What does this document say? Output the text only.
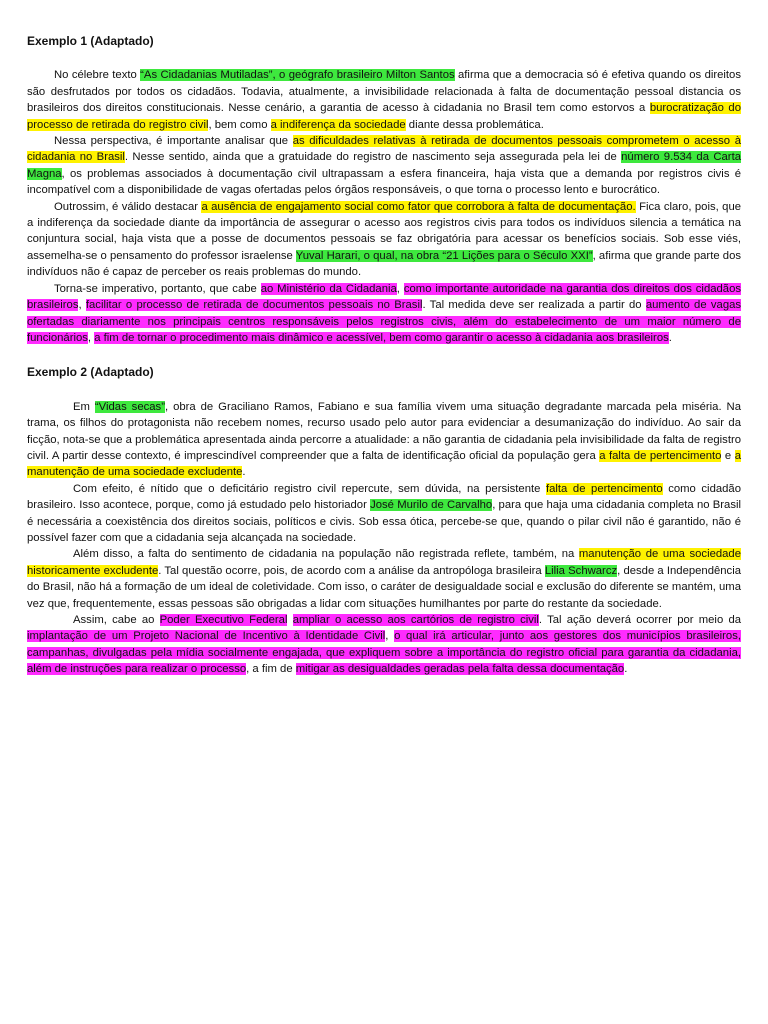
Exemplo 1 (Adaptado)

No célebre texto “As Cidadanias Mutiladas”, o geógrafo brasileiro Milton Santos afirma que a democracia só é efetiva quando os direitos são desfrutados por todos os cidadãos. Todavia, atualmente, a invisibilidade relacionada à falta de documentação pessoal distancia os brasileiros dos direitos constitucionais. Nesse cenário, a garantia de acesso à cidadania no Brasil tem como estorvos a burocratização do processo de retirada do registro civil, bem como a indiferença da sociedade diante dessa problemática.

Nessa perspectiva, é importante analisar que as dificuldades relativas à retirada de documentos pessoais comprometem o acesso à cidadania no Brasil. Nesse sentido, ainda que a gratuidade do registro de nascimento seja assegurada pela lei de número 9.534 da Carta Magna, os problemas associados à documentação civil ultrapassam a esfera financeira, haja vista que a demanda por registros civis é incompatível com a disponibilidade de vagas ofertadas pelos órgãos responsáveis, o que torna o processo lento e burocrático.

Outrossim, é válido destacar a ausência de engajamento social como fator que corrobora à falta de documentação. Fica claro, pois, que a indiferença da sociedade diante da importância de assegurar o acesso aos registros civis para todos os indivíduos silencia a temática na conjuntura social, haja vista que a posse de documentos pessoais se faz obrigatória para acessar os benefícios sociais. Sob esse viés, assemelha-se o pensamento do professor israelense Yuval Harari, o qual, na obra “21 Lições para o Século XXI”, afirma que grande parte dos indivíduos não é capaz de perceber os reais problemas do mundo.

Torna-se imperativo, portanto, que cabe ao Ministério da Cidadania, como importante autoridade na garantia dos direitos dos cidadãos brasileiros, facilitar o processo de retirada de documentos pessoais no Brasil. Tal medida deve ser realizada a partir do aumento de vagas ofertadas diariamente nos principais centros responsáveis pelos registros civis, além do estabelecimento de um maior número de funcionários, a fim de tornar o procedimento mais dinâmico e acessível, bem como garantir o acesso à cidadania aos brasileiros.

Exemplo 2 (Adaptado)

Em “Vidas secas”, obra de Graciliano Ramos, Fabiano e sua família vivem uma situação degradante marcada pela miséria. Na trama, os filhos do protagonista não recebem nomes, recurso usado pelo autor para evidenciar a desumanização do indivíduo. Ao sair da ficção, nota-se que a problemática apresentada ainda percorre a atualidade: a não garantia de cidadania pela invisibilidade da falta de registro civil. A partir desse contexto, é imprescindível compreender que a falta de identificação oficial da população gera a falta de pertencimento e a manutenção de uma sociedade excludente.

Com efeito, é nítido que o deficitário registro civil repercute, sem dúvida, na persistente falta de pertencimento como cidadão brasileiro. Isso acontece, porque, como já estudado pelo historiador José Murilo de Carvalho, para que haja uma cidadania completa no Brasil é necessária a coexistência dos direitos sociais, políticos e civis. Sob essa ótica, percebe-se que, quando o pilar civil não é garantido, não é possível fazer com que a cidadania seja alcançada na sociedade.

Além disso, a falta do sentimento de cidadania na população não registrada reflete, também, na manutenção de uma sociedade historicamente excludente. Tal questão ocorre, pois, de acordo com a análise da antropóloga brasileira Lilia Schwarcz, desde a Independência do Brasil, não há a formação de um ideal de coletividade. Com isso, o caráter de desigualdade social e exclusão do diferente se mantém, uma vez que, frequentemente, essas pessoas são obrigadas a lidar com situações humilhantes por parte do restante da sociedade.

Assim, cabe ao Poder Executivo Federal ampliar o acesso aos cartórios de registro civil. Tal ação deverá ocorrer por meio da implantação de um Projeto Nacional de Incentivo à Identidade Civil, o qual irá articular, junto aos gestores dos municípios brasileiros, campanhas, divulgadas pela mídia socialmente engajada, que expliquem sobre a importância do registro oficial para garantia da cidadania, além de instruções para realizar o processo, a fim de mitigar as desigualdades geradas pela falta dessa documentação.
